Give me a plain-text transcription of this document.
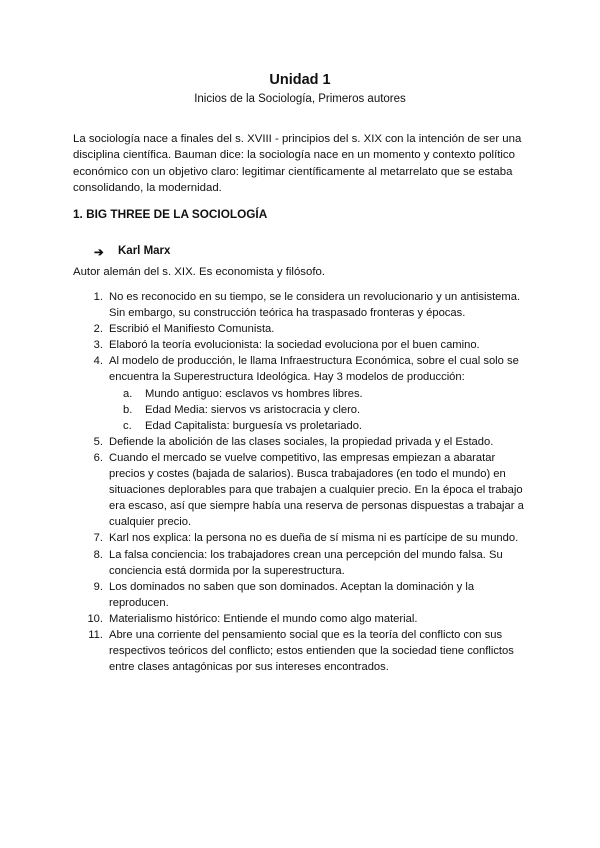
Unidad 1
Inicios de la Sociología, Primeros autores
La sociología nace a finales del s. XVIII - principios del s. XIX con la intención de ser una disciplina científica. Bauman dice: la sociología nace en un momento y contexto político económico con un objetivo claro: legitimar científicamente al metarrelato que se estaba consolidando, la modernidad.
1. BIG THREE DE LA SOCIOLOGÍA
➔ Karl Marx
Autor alemán del s. XIX. Es economista y filósofo.
1. No es reconocido en su tiempo, se le considera un revolucionario y un antisistema. Sin embargo, su construcción teórica ha traspasado fronteras y épocas.
2. Escribió el Manifiesto Comunista.
3. Elaboró la teoría evolucionista: la sociedad evoluciona por el buen camino.
4. Al modelo de producción, le llama Infraestructura Económica, sobre el cual solo se encuentra la Superestructura Ideológica. Hay 3 modelos de producción:
a. Mundo antiguo: esclavos vs hombres libres.
b. Edad Media: siervos vs aristocracia y clero.
c. Edad Capitalista: burguesía vs proletariado.
5. Defiende la abolición de las clases sociales, la propiedad privada y el Estado.
6. Cuando el mercado se vuelve competitivo, las empresas empiezan a abaratar precios y costes (bajada de salarios). Busca trabajadores (en todo el mundo) en situaciones deplorables para que trabajen a cualquier precio. En la época el trabajo era escaso, así que siempre había una reserva de personas dispuestas a trabajar a cualquier precio.
7. Karl nos explica: la persona no es dueña de sí misma ni es partícipe de su mundo.
8. La falsa conciencia: los trabajadores crean una percepción del mundo falsa. Su conciencia está dormida por la superestructura.
9. Los dominados no saben que son dominados. Aceptan la dominación y la reproducen.
10. Materialismo histórico: Entiende el mundo como algo material.
11. Abre una corriente del pensamiento social que es la teoría del conflicto con sus respectivos teóricos del conflicto; estos entienden que la sociedad tiene conflictos entre clases antagónicas por sus intereses encontrados.
